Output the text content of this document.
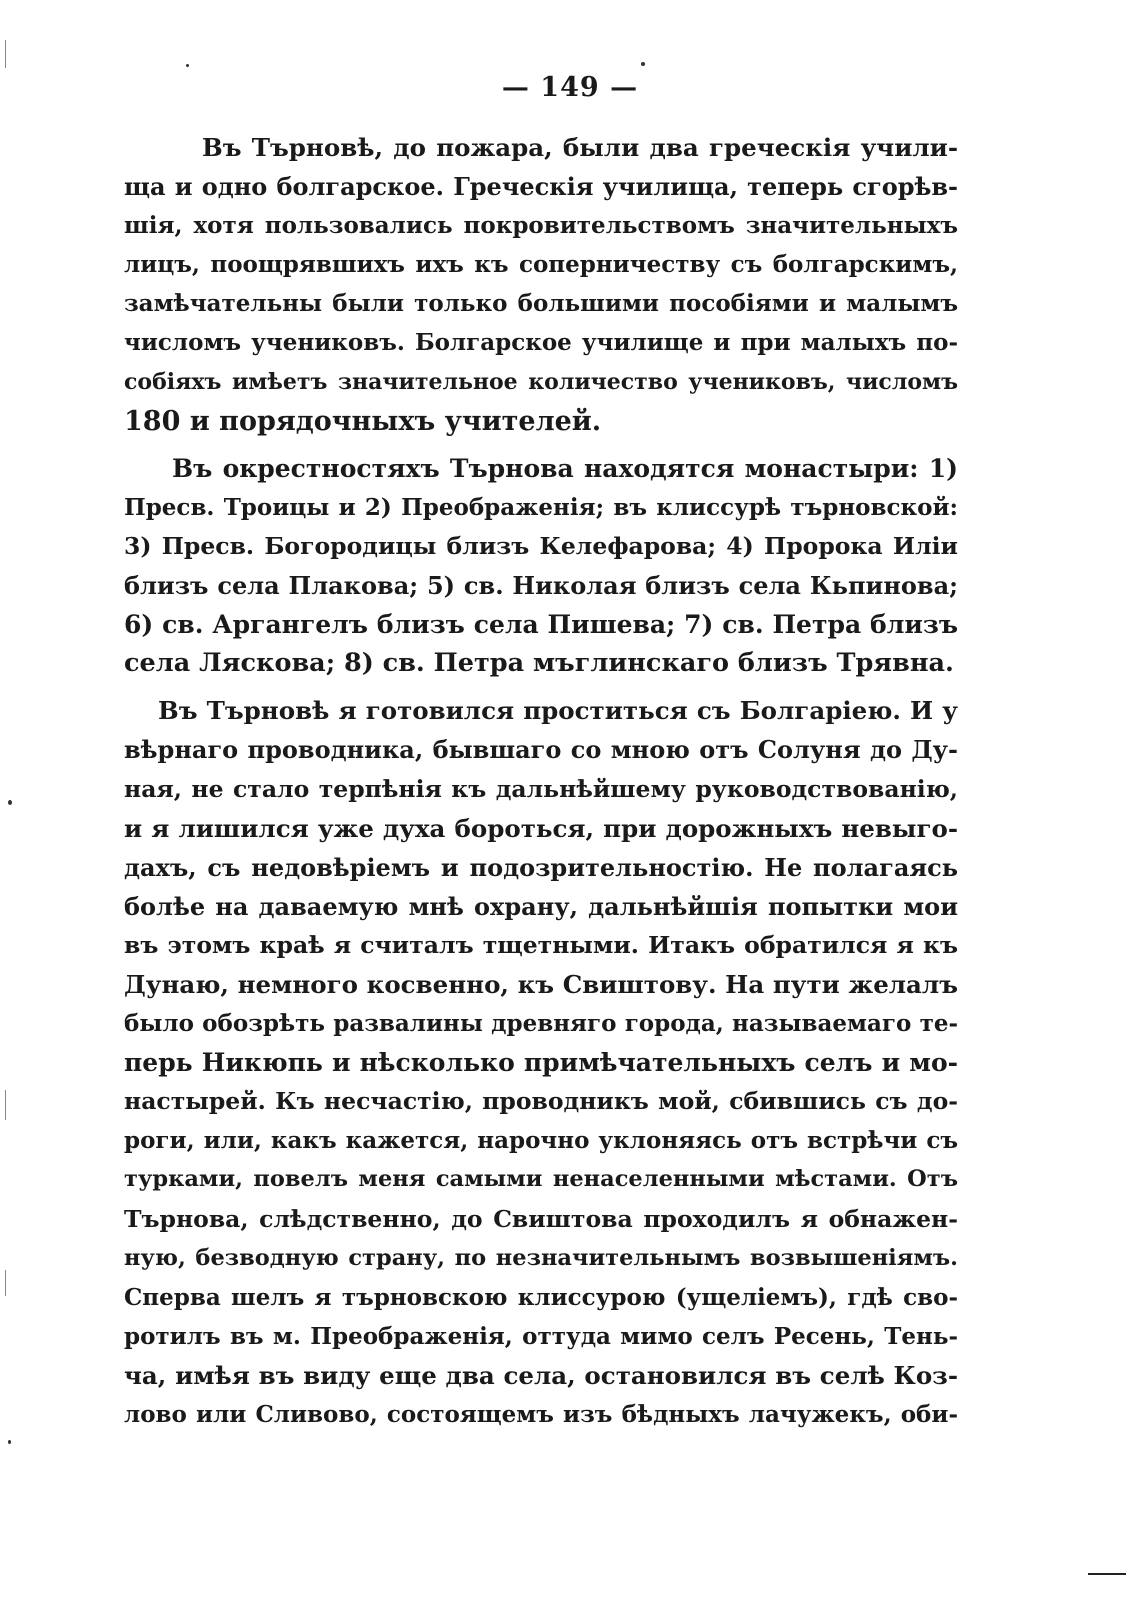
— 149 —
Въ Търновѣ, до пожара, были два греческія учили-
ща и одно болгарское. Греческія училища, теперь сгорѣв-
шія, хотя пользовались покровительствомъ значительныхъ
лицъ, поощрявшихъ ихъ къ соперничеству съ болгарскимъ,
замѣчательны были только большими пособіями и малымъ
числомъ учениковъ. Болгарское училище и при малыхъ по-
собіяхъ имѣетъ значительное количество учениковъ, числомъ
180 и порядочныхъ учителей.
Въ окрестностяхъ Търнова находятся монастыри: 1)
Пресв. Троицы и 2) Преображенія; въ клиссурѣ търновской:
3) Пресв. Богородицы близъ Келефарова; 4) Пророка Иліи
близъ села Плакова; 5) св. Николая близъ села Кьпинова;
6) св. Аргангелъ близъ села Пишева; 7) св. Петра близъ
села Лясковa; 8) св. Петра мъглинскаго близъ Трявна.
Въ Търновѣ я готовился проститься съ Болгаріею. И у
вѣрнаго проводника, бывшаго со мною отъ Солуня до Ду-
ная, не стало терпѣнія къ дальнѣйшему руководствованію,
и я лишился уже духа бороться, при дорожныхъ невыго-
дахъ, съ недовѣріемъ и подозрительностію. Не полагаясь
болѣе на даваемую мнѣ охрану, дальнѣйшія попытки мои
въ этомъ краѣ я считалъ тщетными. Итакъ обратился я къ
Дунаю, немного косвенно, къ Свиштову. На пути желалъ
было обозрѣть развалины древняго города, называемаго те-
перь Никюпь и нѣсколько примѣчательныхъ селъ и мо-
настырей. Къ несчастію, проводникъ мой, сбившись съ до-
роги, или, какъ кажется, нарочно уклоняясь отъ встрѣчи съ
турками, повелъ меня самыми ненаселенными мѣстами. Отъ
Търнова, слѣдственно, до Свиштова проходилъ я обнажен-
ную, безводную страну, по незначительнымъ возвышеніямъ.
Сперва шелъ я търновскою клиссурою (ущеліемъ), гдѣ сво-
ротилъ въ м. Преображенія, оттуда мимо селъ Ресень, Тень-
ча, имѣя въ виду еще два села, остановился въ селѣ Коз-
лово или Сливово, состоящемъ изъ бѣдныхъ лачужекъ, оби-
